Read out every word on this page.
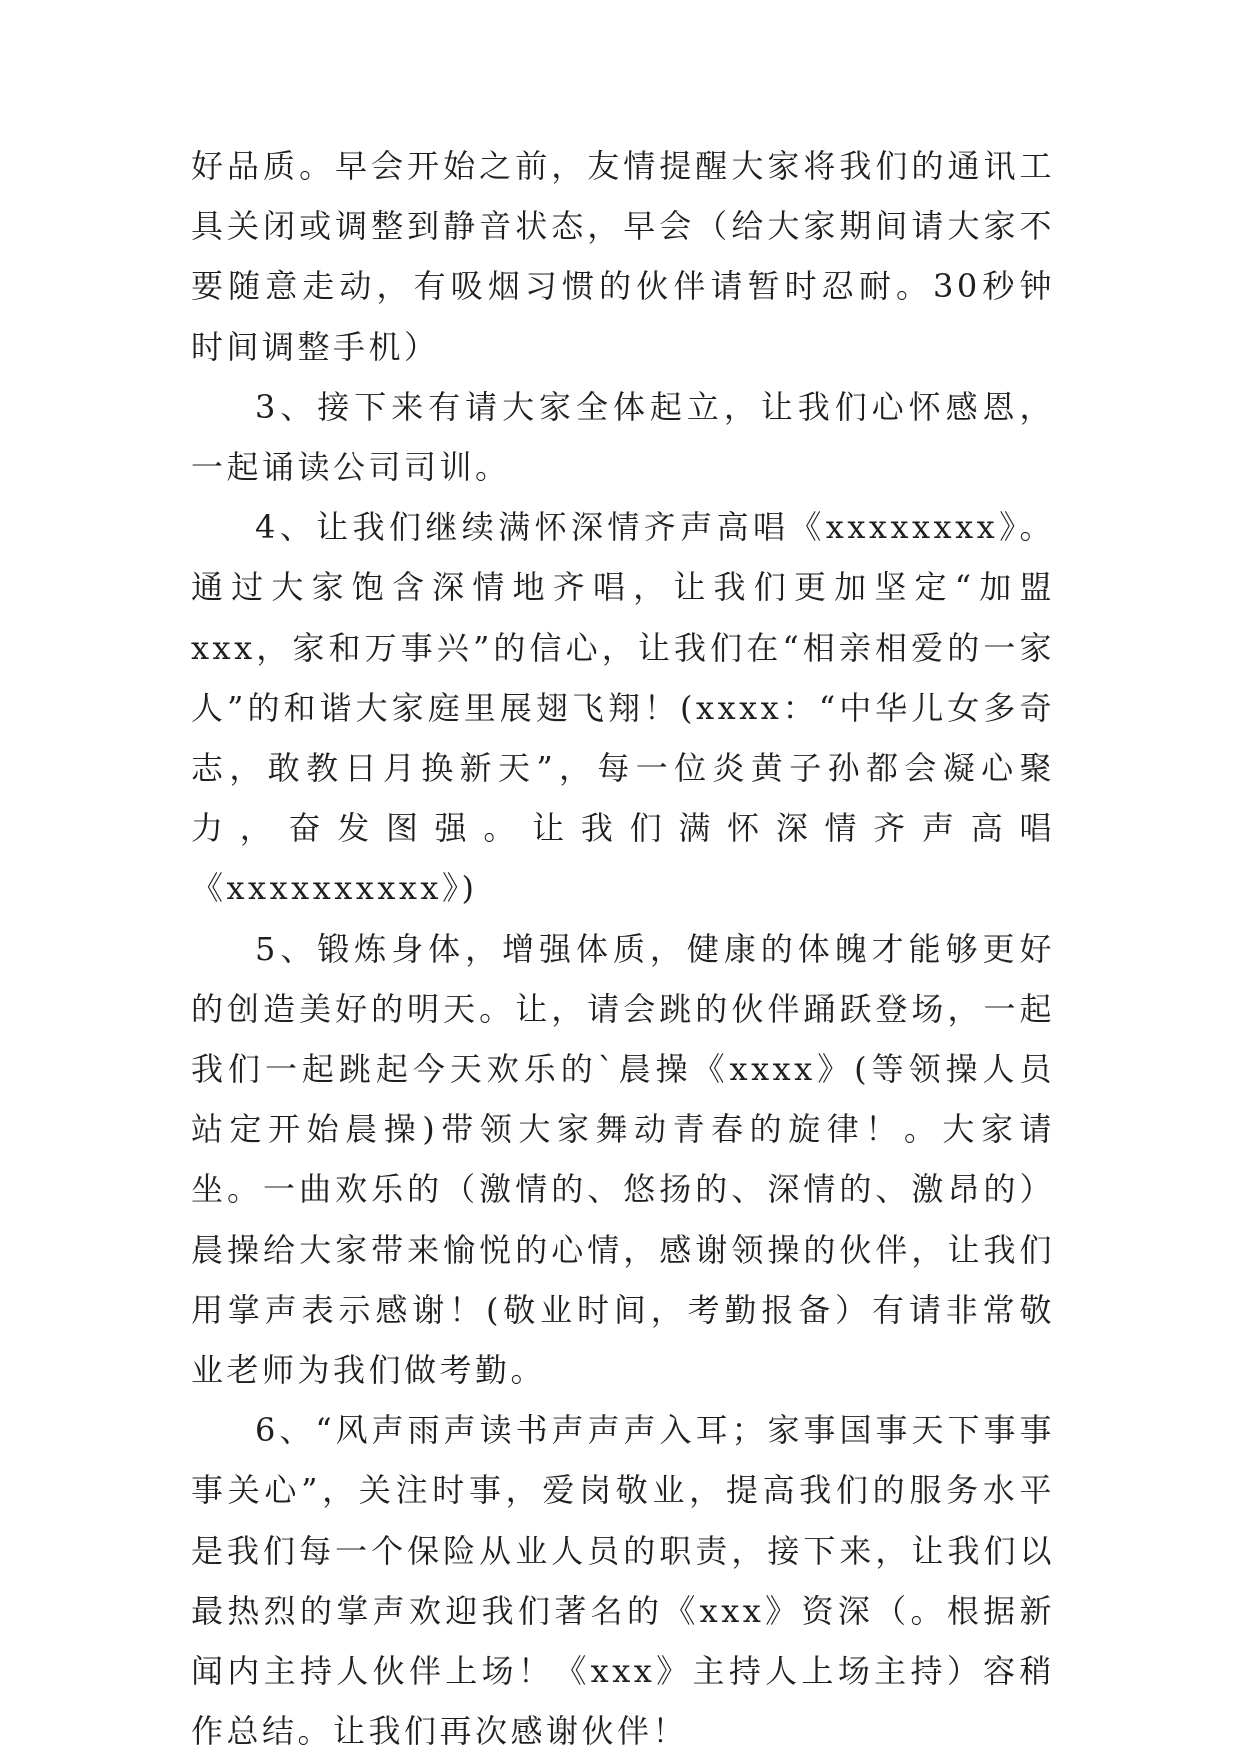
好品质。早会开始之前，友情提醒大家将我们的通讯工具关闭或调整到静音状态，早会（给大家期间请大家不要随意走动，有吸烟习惯的伙伴请暂时忍耐。30秒钟时间调整手机）

3、接下来有请大家全体起立，让我们心怀感恩，一起诵读公司司训。

4、让我们继续满怀深情齐声高唱《xxxxxxxx》。通过大家饱含深情地齐唱，让我们更加坚定“加盟xxx，家和万事兴”的信心，让我们在“相亲相爱的一家人”的和谐大家庭里展翅飞翔！(xxxx：“中华儿女多奇志，敢教日月换新天”，每一位炎黄子孙都会凝心聚力，奋发图强。让我们满怀深情齐声高唱《xxxxxxxxxx》)

5、锻炼身体，增强体质，健康的体魄才能够更好的创造美好的明天。让，请会跳的伙伴踊跃登场，一起我们一起跳起今天欢乐的`晨操《xxxx》(等领操人员站定开始晨操)带领大家舞动青春的旋律！。大家请坐。一曲欢乐的（激情的、悠扬的、深情的、激昂的）晨操给大家带来愉悦的心情，感谢领操的伙伴，让我们用掌声表示感谢！(敬业时间，考勤报备）有请非常敬业老师为我们做考勤。

6、“风声雨声读书声声声入耳；家事国事天下事事事关心”，关注时事，爱岗敬业，提高我们的服务水平是我们每一个保险从业人员的职责，接下来，让我们以最热烈的掌声欢迎我们著名的《xxx》资深（。根据新闻内主持人伙伴上场！《xxx》主持人上场主持）容稍作总结。让我们再次感谢伙伴！
